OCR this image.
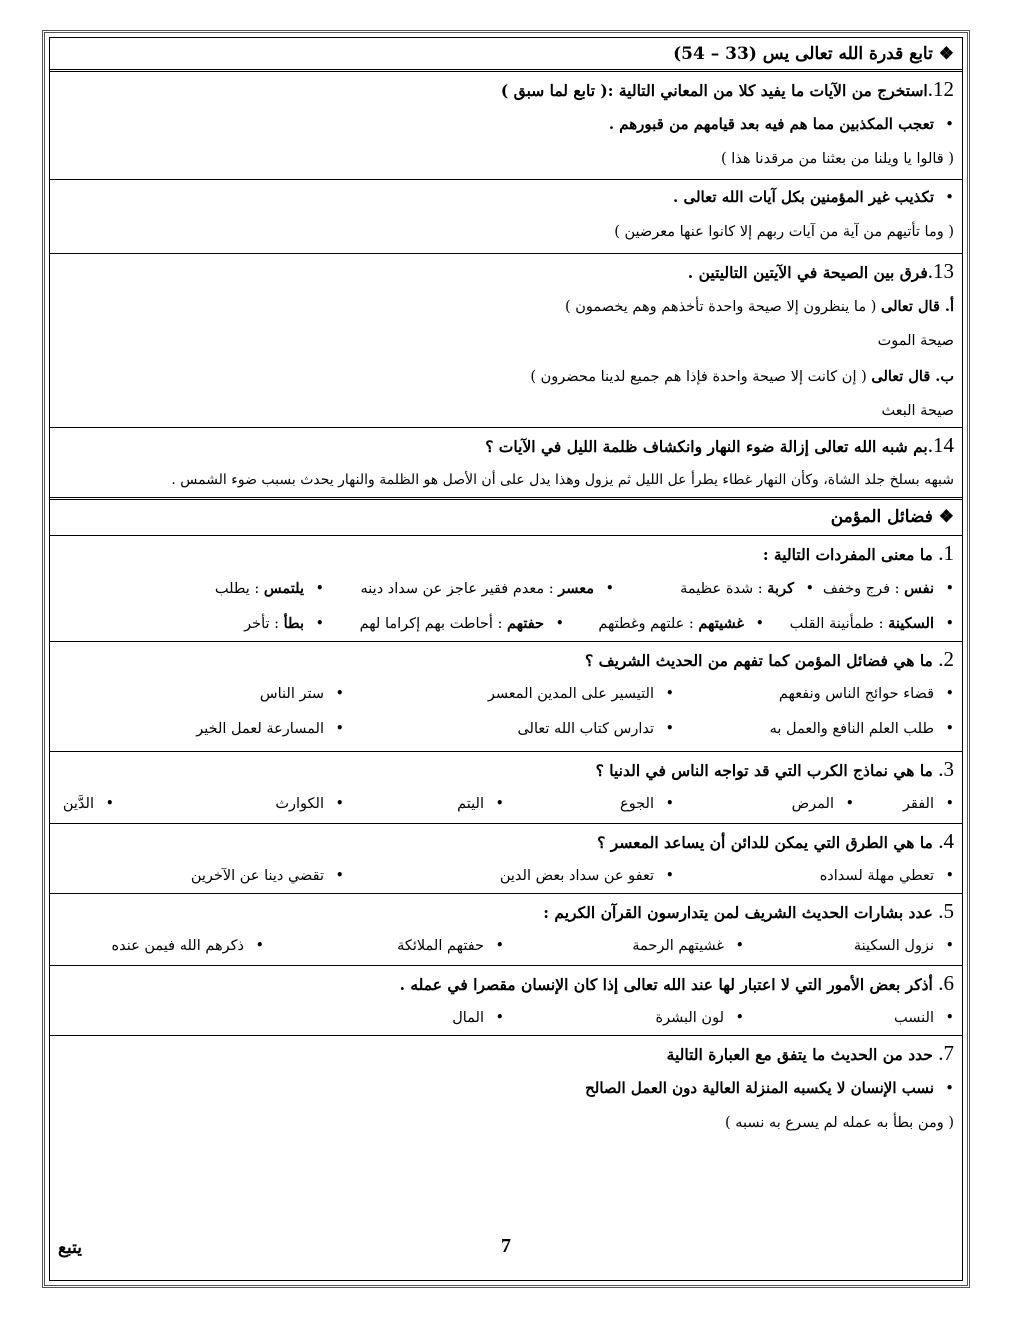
❖ تابع قدرة الله تعالى يس (33 – 54)
12.استخرج من الآيات ما يفيد كلا من المعاني التالية :( تابع لما سبق )
• تعجب المكذبين مما هم فيه بعد قيامهم من قبورهم .
( قالوا يا ويلنا من بعثنا من مرقدنا هذا )
• تكذيب غير المؤمنين بكل آيات الله تعالى .
( وما تأتيهم من آية من آيات ربهم إلا كانوا عنها معرضين )
13.فرق بين الصيحة في الآيتين التاليتين .
أ. قال تعالى ( ما ينظرون إلا صيحة واحدة تأخذهم وهم يخصمون )
صيحة الموت
ب. قال تعالى ( إن كانت إلا صيحة واحدة فإذا هم جميع لدينا محضرون )
صيحة البعث
14.بم شبه الله تعالى إزالة ضوء النهار وانكشاف ظلمة الليل في الآيات ؟
شبهه بسلخ جلد الشاة، وكأن النهار غطاء يطرأ عل الليل ثم يزول وهذا يدل على أن الأصل هو الظلمة والنهار يحدث بسبب ضوء الشمس .
❖ فضائل المؤمن
1. ما معنى المفردات التالية :
• نفس : فرج وخفف
• كربة : شدة عظيمة
• معسر : معدم فقير عاجز عن سداد دينه
• يلتمس : يطلب
• السكينة : طمأنينة القلب
• غشيتهم : علتهم وغطتهم
• حفتهم : أحاطت بهم إكراما لهم
• بطأ : تأخر
2. ما هي فضائل المؤمن كما تفهم من الحديث الشريف ؟
• قضاء حوائج الناس ونفعهم
• التيسير على المدين المعسر
• ستر الناس
• طلب العلم النافع والعمل به
• تدارس كتاب الله تعالى
• المسارعة لعمل الخير
3. ما هي نماذج الكرب التي قد تواجه الناس في الدنيا ؟
• الفقر
• المرض
• الجوع
• اليتم
• الكوارث
• الدَّين
4. ما هي الطرق التي يمكن للدائن أن يساعد المعسر ؟
• تعطي مهلة لسداده
• تعفو عن سداد بعض الدين
• تقضي دينا عن الآخرين
5. عدد بشارات الحديث الشريف لمن يتدارسون القرآن الكريم :
• نزول السكينة
• غشيتهم الرحمة
• حفتهم الملائكة
• ذكرهم الله فيمن عنده
6. أذكر بعض الأمور التي لا اعتبار لها عند الله تعالى إذا كان الإنسان مقصرا في عمله .
• النسب
• لون البشرة
• المال
7. حدد من الحديث ما يتفق مع العبارة التالية
• نسب الإنسان لا يكسبه المنزلة العالية دون العمل الصالح
( ومن بطأ به عمله لم يسرع به نسبه )
7
يتبع
